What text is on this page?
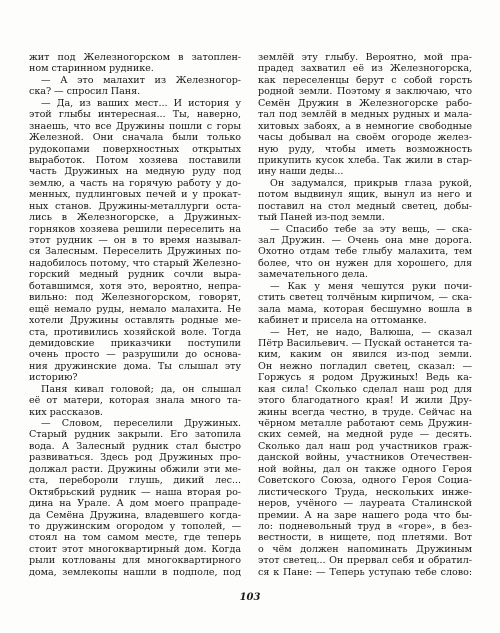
жит под Железногорском в затоплен-
ном старинном руднике.
— А это малахит из Железногор-
ска? — спросил Паня.
— Да, из ваших мест... И история у
этой глыбы интересная... Ты, наверно,
знаешь, что все Дружины пошли с горы
Железной. Они сначала были только
рудокопами поверхностных открытых
выработок. Потом хозяева поставили
часть Дружиных на медную руду под
землю, а часть на горячую работу у до-
менных, пудлинговых печей и у прокат-
ных станов. Дружины-металлурги оста-
лись в Железногорске, а Дружиных-
горняков хозяева решили переселить на
этот рудник — он в то время называл-
ся Залесным. Переселить Дружиных по-
надобилось потому, что старый Железно-
горский медный рудник сочли выра-
ботавшимся, хотя это, вероятно, непра-
вильно: под Железногорском, говорят,
ещё немало руды, немало малахита. Не
хотели Дружины оставлять родные ме-
ста, противились хозяйской воле. Тогда
демидовские приказчики поступили
очень просто — разрушили до основа-
ния дружинские дома. Ты слышал эту
историю?
Паня кивал головой; да, он слышал
её от матери, которая знала много та-
ких рассказов.
— Словом, переселили Дружиных.
Старый рудник закрыли. Его затопила
вода. А Залесный рудник стал быстро
развиваться. Здесь род Дружиных про-
должал расти. Дружины обжили эти ме-
ста, перебороли глушь, дикий лес...
Октябрьский рудник — наша вторая ро-
дина на Урале. А дом моего прапраде-
да Семёна Дружина, владевшего когда-
то дружинским огородом у тополей, —
стоял на том самом месте, где теперь
стоит этот многоквартирный дом. Когда
рыли котлованы для многоквартирного
дома, землекопы нашли в подполе, под
землёй эту глыбу. Вероятно, мой пра-
прадед захватил её из Железногорска,
как переселенцы берут с собой горсть
родной земли. Поэтому я заключаю, что
Семён Дружин в Железногорске рабо-
тал под землёй в медных рудных и мала-
хитовых забоях, а в немногие свободные
часы добывал на своём огороде желез-
ную руду, чтобы иметь возможность
прикупить кусок хлеба. Так жили в стар-
ину наши деды...
Он задумался, прикрыв глаза рукой,
потом выдвинул ящик, вынул из него и
поставил на стол медный светец, добы-
тый Паней из-под земли.
— Спасибо тебе за эту вещь, — ска-
зал Дружин. — Очень она мне дорога.
Охотно отдам тебе глыбу малахита, тем
более, что он нужен для хорошего, для
замечательного дела.
— Как у меня чешутся руки почи-
стить светец толчёным кирпичом, — ска-
зала мама, которая бесшумно вошла в
кабинет и присела на оттоманке.
— Нет, не надо, Валюша, — сказал
Пётр Васильевич. — Пускай останется та-
ким, каким он явился из-под земли.
Он нежно погладил светец, сказал: —
Горжусь я родом Дружиных! Ведь ка-
кая сила! Сколько сделал наш род для
этого благодатного края! И жили Дру-
жины всегда честно, в труде. Сейчас на
чёрном металле работают семь Дружин-
ских семей, на медной руде — десять.
Сколько дал наш род участников граж-
данской войны, участников Отечествен-
ной войны, дал он также одного Героя
Советского Союза, одного Героя Социа-
листического Труда, нескольких инже-
неров, учёного — лауреата Сталинской
премии. А на заре нашего рода что бы-
ло: подневольный труд в «горе», в без-
вестности, в нищете, под плетями. Вот
о чём должен напоминать Дружиным
этот светец... Он прервал себя и обратил-
ся к Пане: — Теперь уступаю тебе слово:
103
